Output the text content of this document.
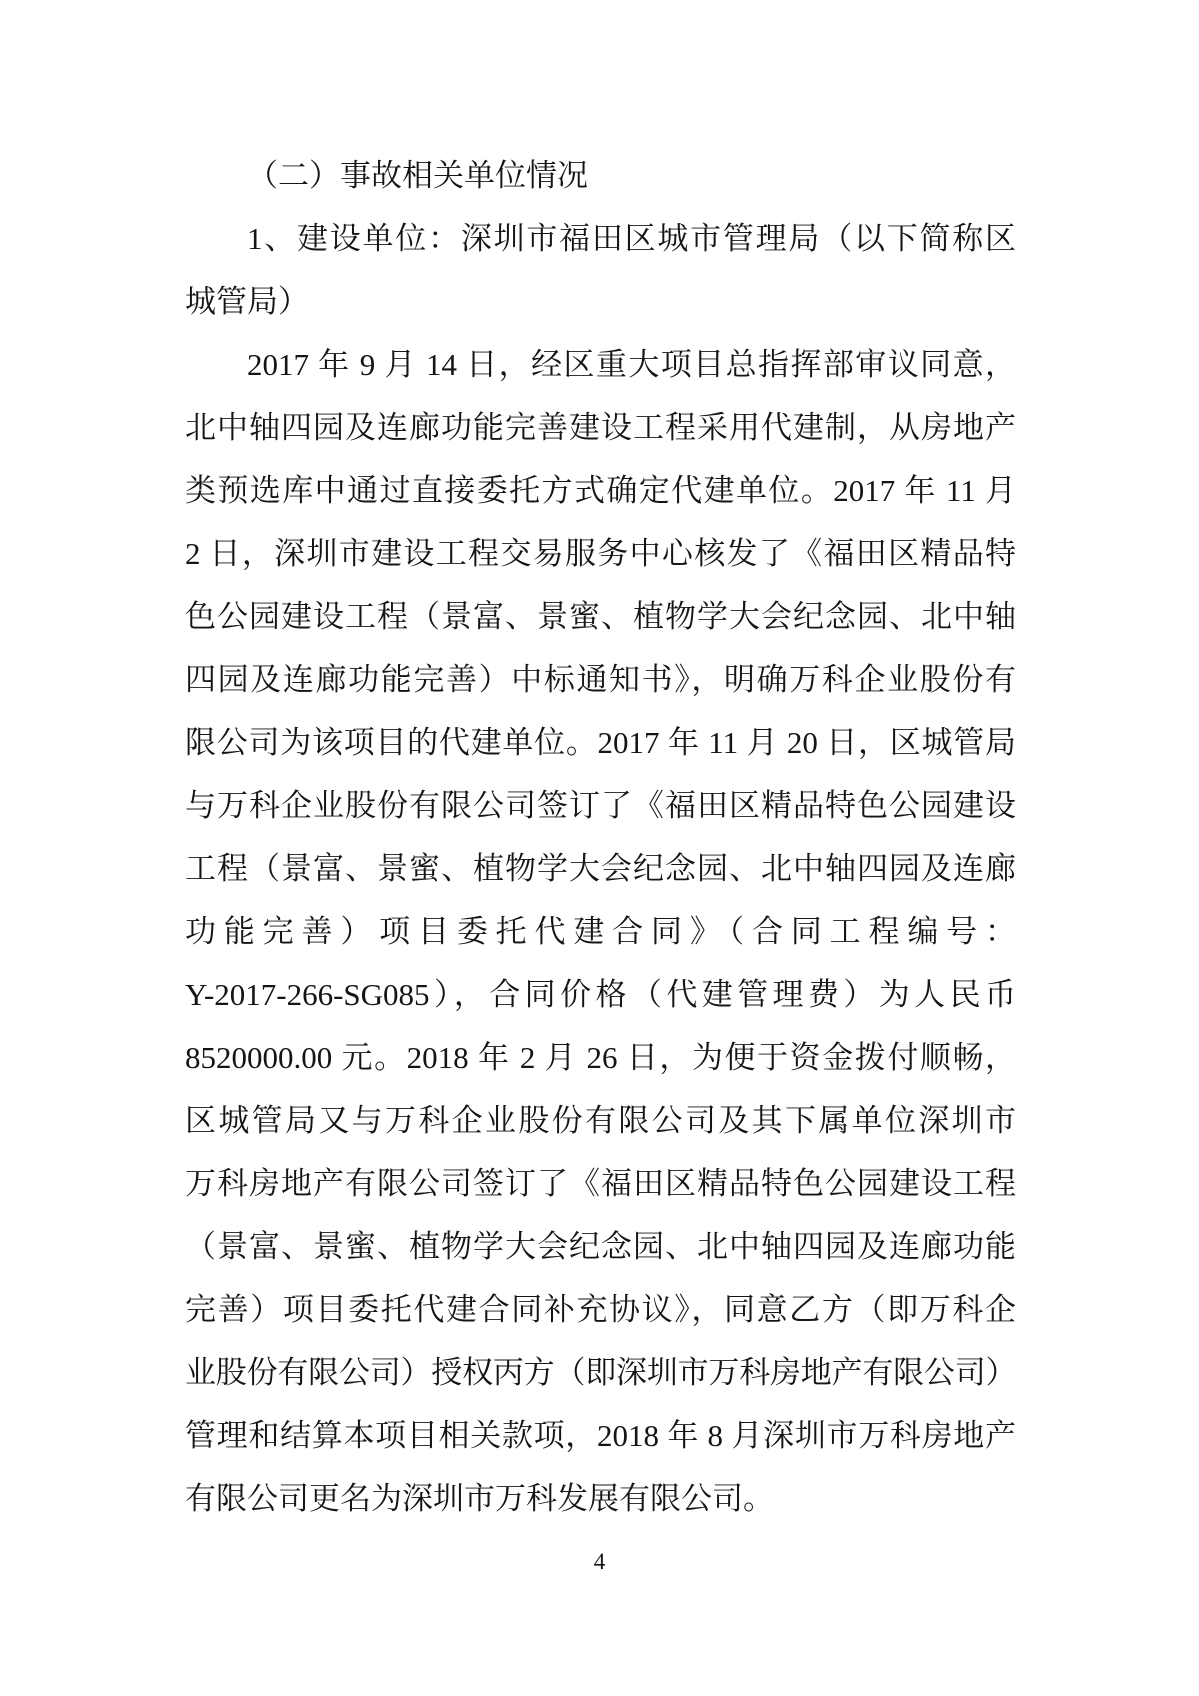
（二）事故相关单位情况
1、建设单位：深圳市福田区城市管理局（以下简称区
城管局）
2017 年 9 月 14 日，经区重大项目总指挥部审议同意，
北中轴四园及连廊功能完善建设工程采用代建制，从房地产
类预选库中通过直接委托方式确定代建单位。2017 年 11 月
2 日，深圳市建设工程交易服务中心核发了《福田区精品特
色公园建设工程（景富、景蜜、植物学大会纪念园、北中轴
四园及连廊功能完善）中标通知书》，明确万科企业股份有
限公司为该项目的代建单位。2017 年 11 月 20 日，区城管局
与万科企业股份有限公司签订了《福田区精品特色公园建设
工程（景富、景蜜、植物学大会纪念园、北中轴四园及连廊
功能完善）项目委托代建合同》（合同工程编号：
Y-2017-266-SG085），合同价格（代建管理费）为人民币
8520000.00 元。2018 年 2 月 26 日，为便于资金拨付顺畅，
区城管局又与万科企业股份有限公司及其下属单位深圳市
万科房地产有限公司签订了《福田区精品特色公园建设工程
（景富、景蜜、植物学大会纪念园、北中轴四园及连廊功能
完善）项目委托代建合同补充协议》，同意乙方（即万科企
业股份有限公司）授权丙方（即深圳市万科房地产有限公司）
管理和结算本项目相关款项，2018 年 8 月深圳市万科房地产
有限公司更名为深圳市万科发展有限公司。
4
